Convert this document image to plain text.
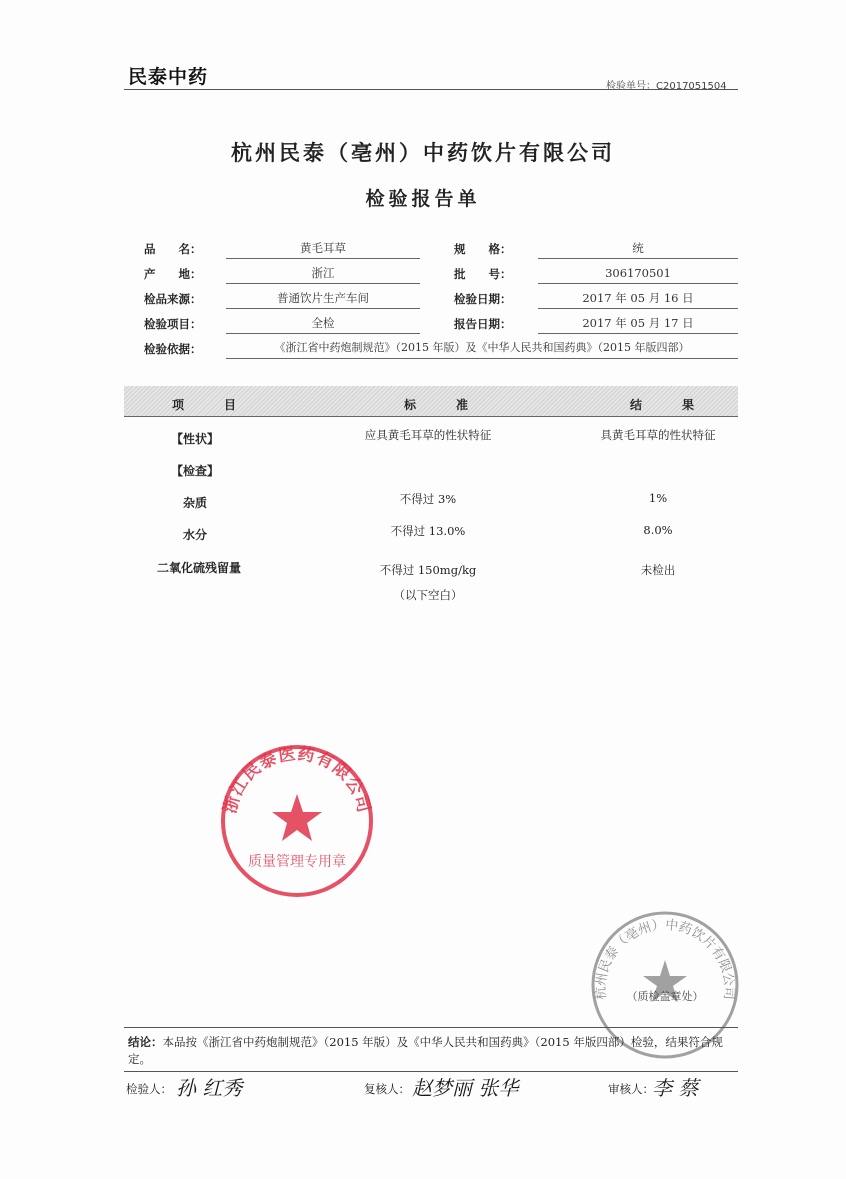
民泰中药	检验单号：C2017051504
杭州民泰（亳州）中药饮片有限公司
检验报告单
品　　名：	黄毛耳草	规　　格：	统
产　　地：	浙江	批　　号：	306170501
检品来源：	普通饮片生产车间	检验日期：	2017 年 05 月 16 日
检验项目：	全检	报告日期：	2017 年 05 月 17 日
检验依据：	《浙江省中药炮制规范》（2015 年版）及《中华人民共和国药典》（2015 年版四部）
项　目	标　准	结　果
【性状】	应具黄毛耳草的性状特征	具黄毛耳草的性状特征
【检查】
杂质	不得过 3%	1%
水分	不得过 13.0%	8.0%
二氧化硫残留量	不得过 150mg/kg	未检出
（以下空白）
浙江民泰医药有限公司
质量管理专用章
杭州民泰（亳州）中药饮片有限公司
（质检盖章处）
结论：本品按《浙江省中药炮制规范》（2015 年版）及《中华人民共和国药典》（2015 年版四部）检验，结果符合规定。
检验人： 孙 红秀	复核人： 赵梦丽 张华	审核人：
李 蔡
